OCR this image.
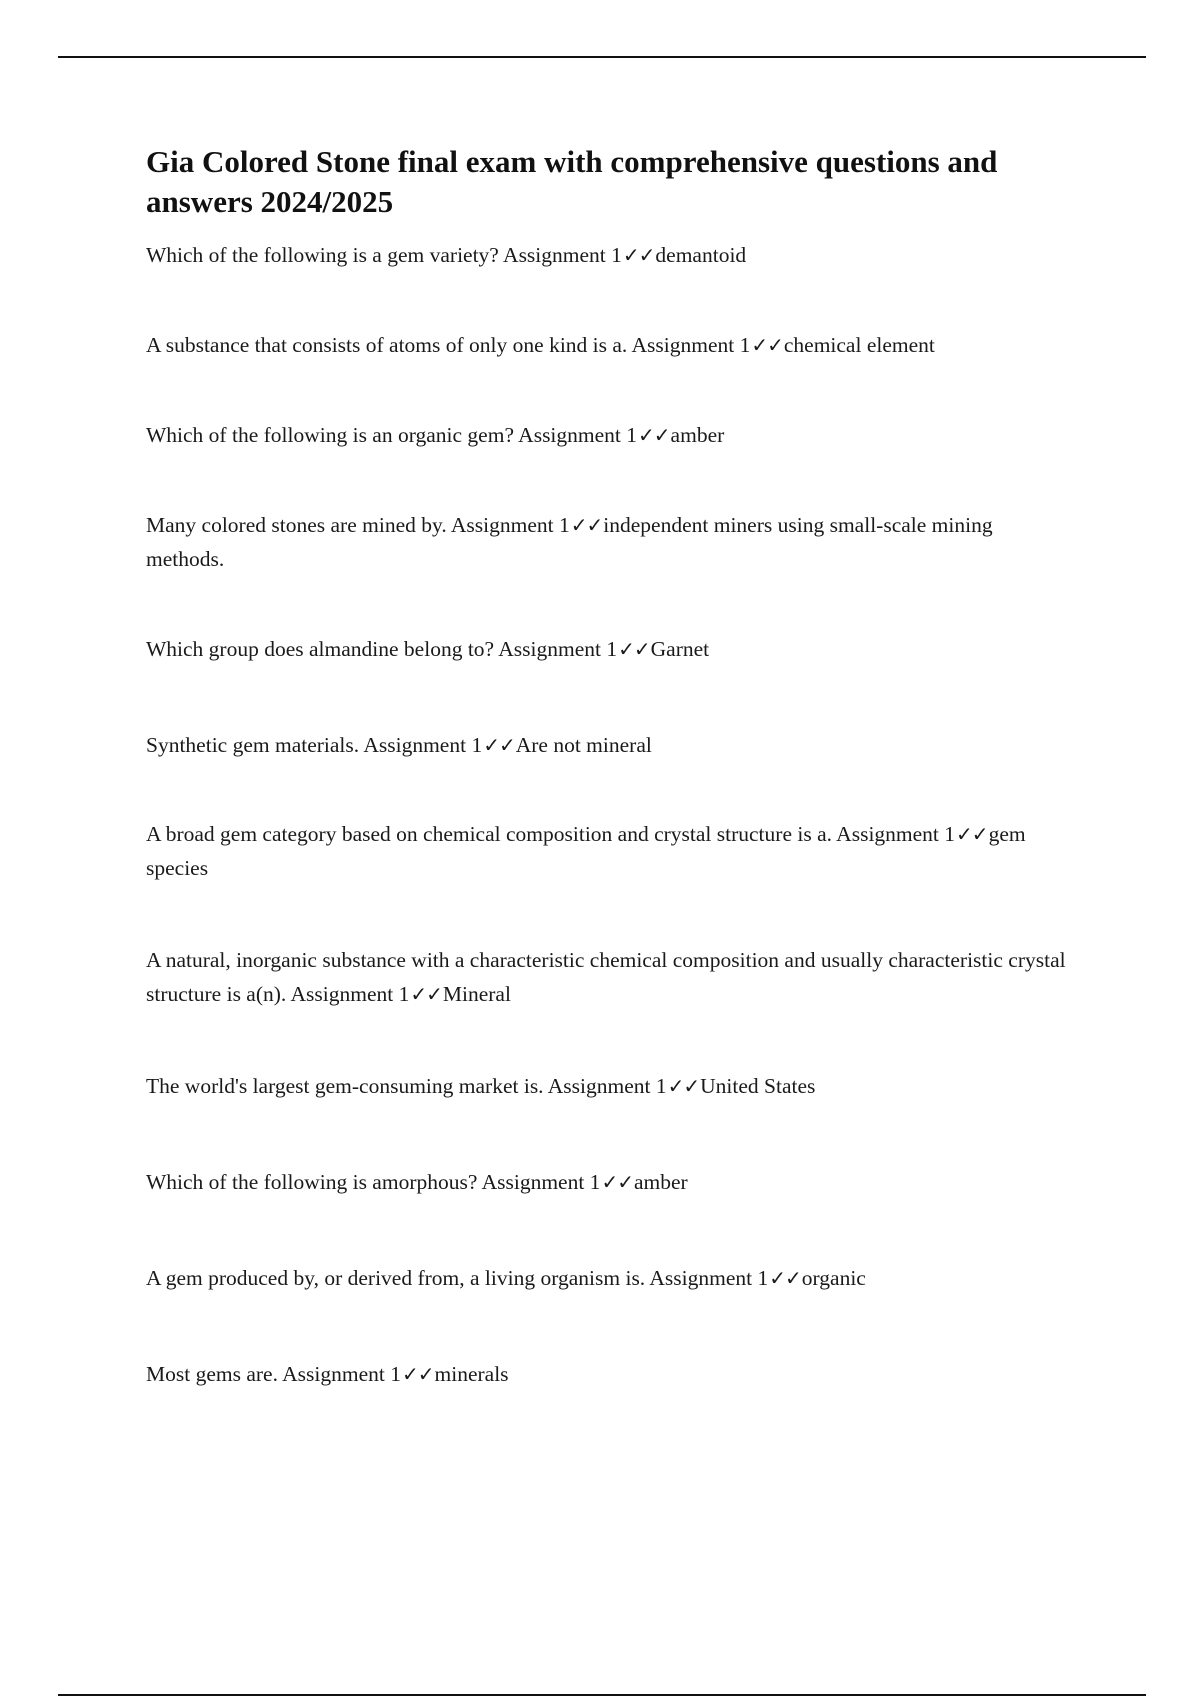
Gia Colored Stone final exam with comprehensive questions and answers 2024/2025

Which of the following is a gem variety? Assignment 1✓✓demantoid

A substance that consists of atoms of only one kind is a. Assignment 1✓✓chemical element

Which of the following is an organic gem? Assignment 1✓✓amber

Many colored stones are mined by. Assignment 1✓✓independent miners using small-scale mining methods.

Which group does almandine belong to? Assignment 1✓✓Garnet

Synthetic gem materials. Assignment 1✓✓Are not mineral

A broad gem category based on chemical composition and crystal structure is a. Assignment 1✓✓gem species

A natural, inorganic substance with a characteristic chemical composition and usually characteristic crystal structure is a(n). Assignment 1✓✓Mineral

The world's largest gem-consuming market is. Assignment 1✓✓United States

Which of the following is amorphous? Assignment 1✓✓amber

A gem produced by, or derived from, a living organism is. Assignment 1✓✓organic

Most gems are. Assignment 1✓✓minerals
